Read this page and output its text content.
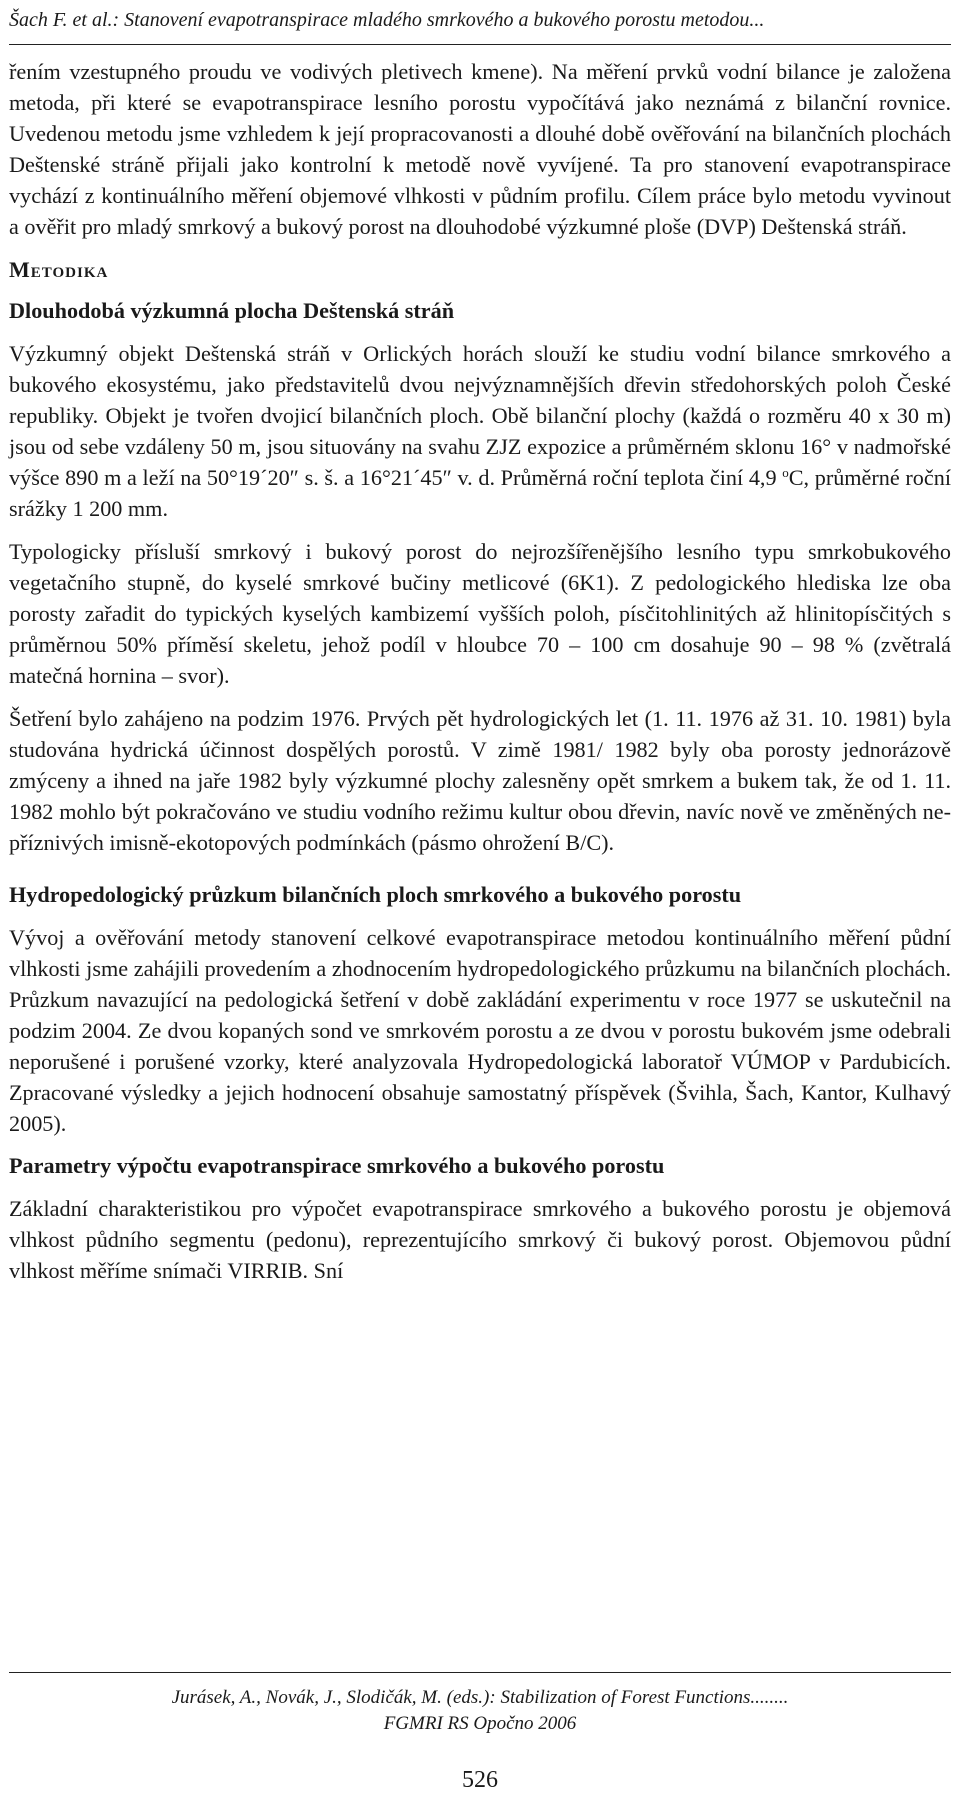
Šach F. et al.: Stanovení evapotranspirace mladého smrkového a bukového porostu metodou...

řením vzestupného proudu ve vodivých pletivech kmene). Na měření prvků vodní bilance je založena metoda, při které se evapotranspirace lesního porostu vypočítává jako neznámá z bilanční rovnice. Uvedenou metodu jsme vzhledem k její propracovanosti a dlouhé době ověřování na bilančních plochách Deštenské stráně přijali jako kontrolní k metodě nově vyvíjené. Ta pro stanovení evapotranspirace vychází z kontinuálního měření objemové vlhkosti v půdním profilu. Cílem práce bylo metodu vyvinout a ověřit pro mladý smrkový a bukový porost na dlouhodobé výzkumné ploše (DVP) Deštenská stráň.

Metodika
Dlouhodobá výzkumná plocha Deštenská stráň

Výzkumný objekt Deštenská stráň v Orlických horách slouží ke studiu vodní bilance smrkového a bukového ekosystému, jako představitelů dvou nejvýznamnějších dřevin středohorských poloh České republiky. Objekt je tvořen dvojicí bilančních ploch. Obě bilanční plochy (každá o rozměru 40 x 30 m) jsou od sebe vzdáleny 50 m, jsou situovány na svahu ZJZ expozice a průměrném sklonu 16° v nadmořské výšce 890 m a leží na 50°19´20″ s. š. a 16°21´45″ v. d. Průměrná roční teplota činí 4,9 $^o$C, průměrné roční srážky 1 200 mm.

Typologicky přísluší smrkový i bukový porost do nejrozšířenějšího lesního typu smrkobukového vegetačního stupně, do kyselé smrkové bučiny metlicové (6K1). Z pedologického hlediska lze oba porosty zařadit do typických kyselých kambizemí vyšších poloh, písčitohlinitých až hlinitopísčitých s průměrnou 50% příměsí skeletu, jehož podíl v hloubce 70 – 100 cm dosahuje 90 – 98 % (zvětralá matečná hornina – svor).

Šetření bylo zahájeno na podzim 1976. Prvých pět hydrologických let (1. 11. 1976 až 31. 10. 1981) byla studována hydrická účinnost dospělých porostů. V zimě 1981/ 1982 byly oba porosty jednorázově zmýceny a ihned na jaře 1982 byly výzkumné plochy zalesněny opět smrkem a bukem tak, že od 1. 11. 1982 mohlo být pokračováno ve studiu vodního režimu kultur obou dřevin, navíc nově ve změněných nepříznivých imisně-ekotopových podmínkách (pásmo ohrožení B/C).

Hydropedologický průzkum bilančních ploch smrkového a bukového porostu

Vývoj a ověřování metody stanovení celkové evapotranspirace metodou kontinuálního měření půdní vlhkosti jsme zahájili provedením a zhodnocením hydropedologického průzkumu na bilančních plochách. Průzkum navazující na pedologická šetření v době zakládání experimentu v roce 1977 se uskutečnil na podzim 2004. Ze dvou kopaných sond ve smrkovém porostu a ze dvou v porostu bukovém jsme odebrali neporušené i porušené vzorky, které analyzovala Hydropedologická laboratoř VÚMOP v Pardubicích. Zpracované výsledky a jejich hodnocení obsahuje samostatný příspěvek (Švihla, Šach, Kantor, Kulhavý 2005).

Parametry výpočtu evapotranspirace smrkového a bukového porostu

Základní charakteristikou pro výpočet evapotranspirace smrkového a bukového porostu je objemová vlhkost půdního segmentu (pedonu), reprezentujícího smrkový či bukový porost. Objemovou půdní vlhkost měříme snímači VIRRIB. Sní

Jurásek, A., Novák, J., Slodičák, M. (eds.): Stabilization of Forest Functions........
FGMRI RS Opočno 2006
526
